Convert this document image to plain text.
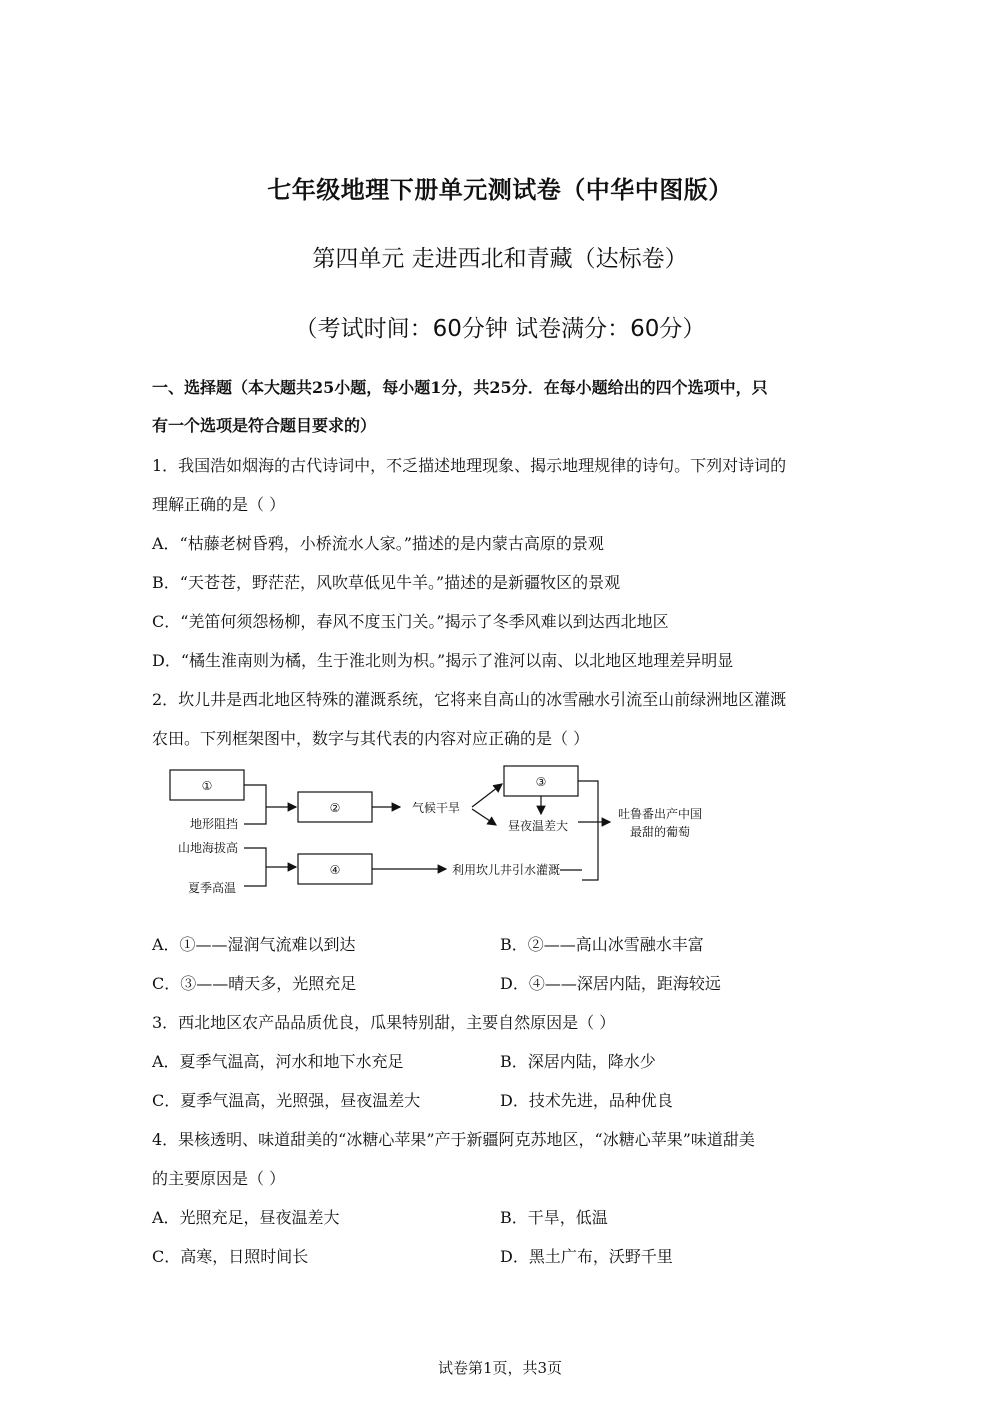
七年级地理下册单元测试卷（中华中图版）
第四单元 走进西北和青藏（达标卷）
（考试时间：60分钟 试卷满分：60分）
一、选择题（本大题共25小题，每小题1分，共25分．在每小题给出的四个选项中，只
有一个选项是符合题目要求的）
1．我国浩如烟海的古代诗词中，不乏描述地理现象、揭示地理规律的诗句。下列对诗词的
理解正确的是（ ）
A．“枯藤老树昏鸦，小桥流水人家。”描述的是内蒙古高原的景观
B．“天苍苍，野茫茫，风吹草低见牛羊。”描述的是新疆牧区的景观
C．“羌笛何须怨杨柳，春风不度玉门关。”揭示了冬季风难以到达西北地区
D．“橘生淮南则为橘，生于淮北则为枳。”揭示了淮河以南、以北地区地理差异明显
2．坎儿井是西北地区特殊的灌溉系统，它将来自高山的冰雪融水引流至山前绿洲地区灌溉
农田。下列框架图中，数字与其代表的内容对应正确的是（ ）
①
②
③
④
地形阻挡
山地海拔高
夏季高温
气候干旱
昼夜温差大
利用坎儿井引水灌溉
吐鲁番出产中国
最甜的葡萄
A．①——湿润气流难以到达	B．②——高山冰雪融水丰富
C．③——晴天多，光照充足	D．④——深居内陆，距海较远
3．西北地区农产品品质优良，瓜果特别甜，主要自然原因是（ ）
A．夏季气温高，河水和地下水充足	B．深居内陆，降水少
C．夏季气温高，光照强，昼夜温差大	D．技术先进，品种优良
4．果核透明、味道甜美的“冰糖心苹果”产于新疆阿克苏地区，“冰糖心苹果”味道甜美
的主要原因是（ ）
A．光照充足，昼夜温差大	B．干旱，低温
C．高寒，日照时间长	D．黑土广布，沃野千里
试卷第1页，共3页
